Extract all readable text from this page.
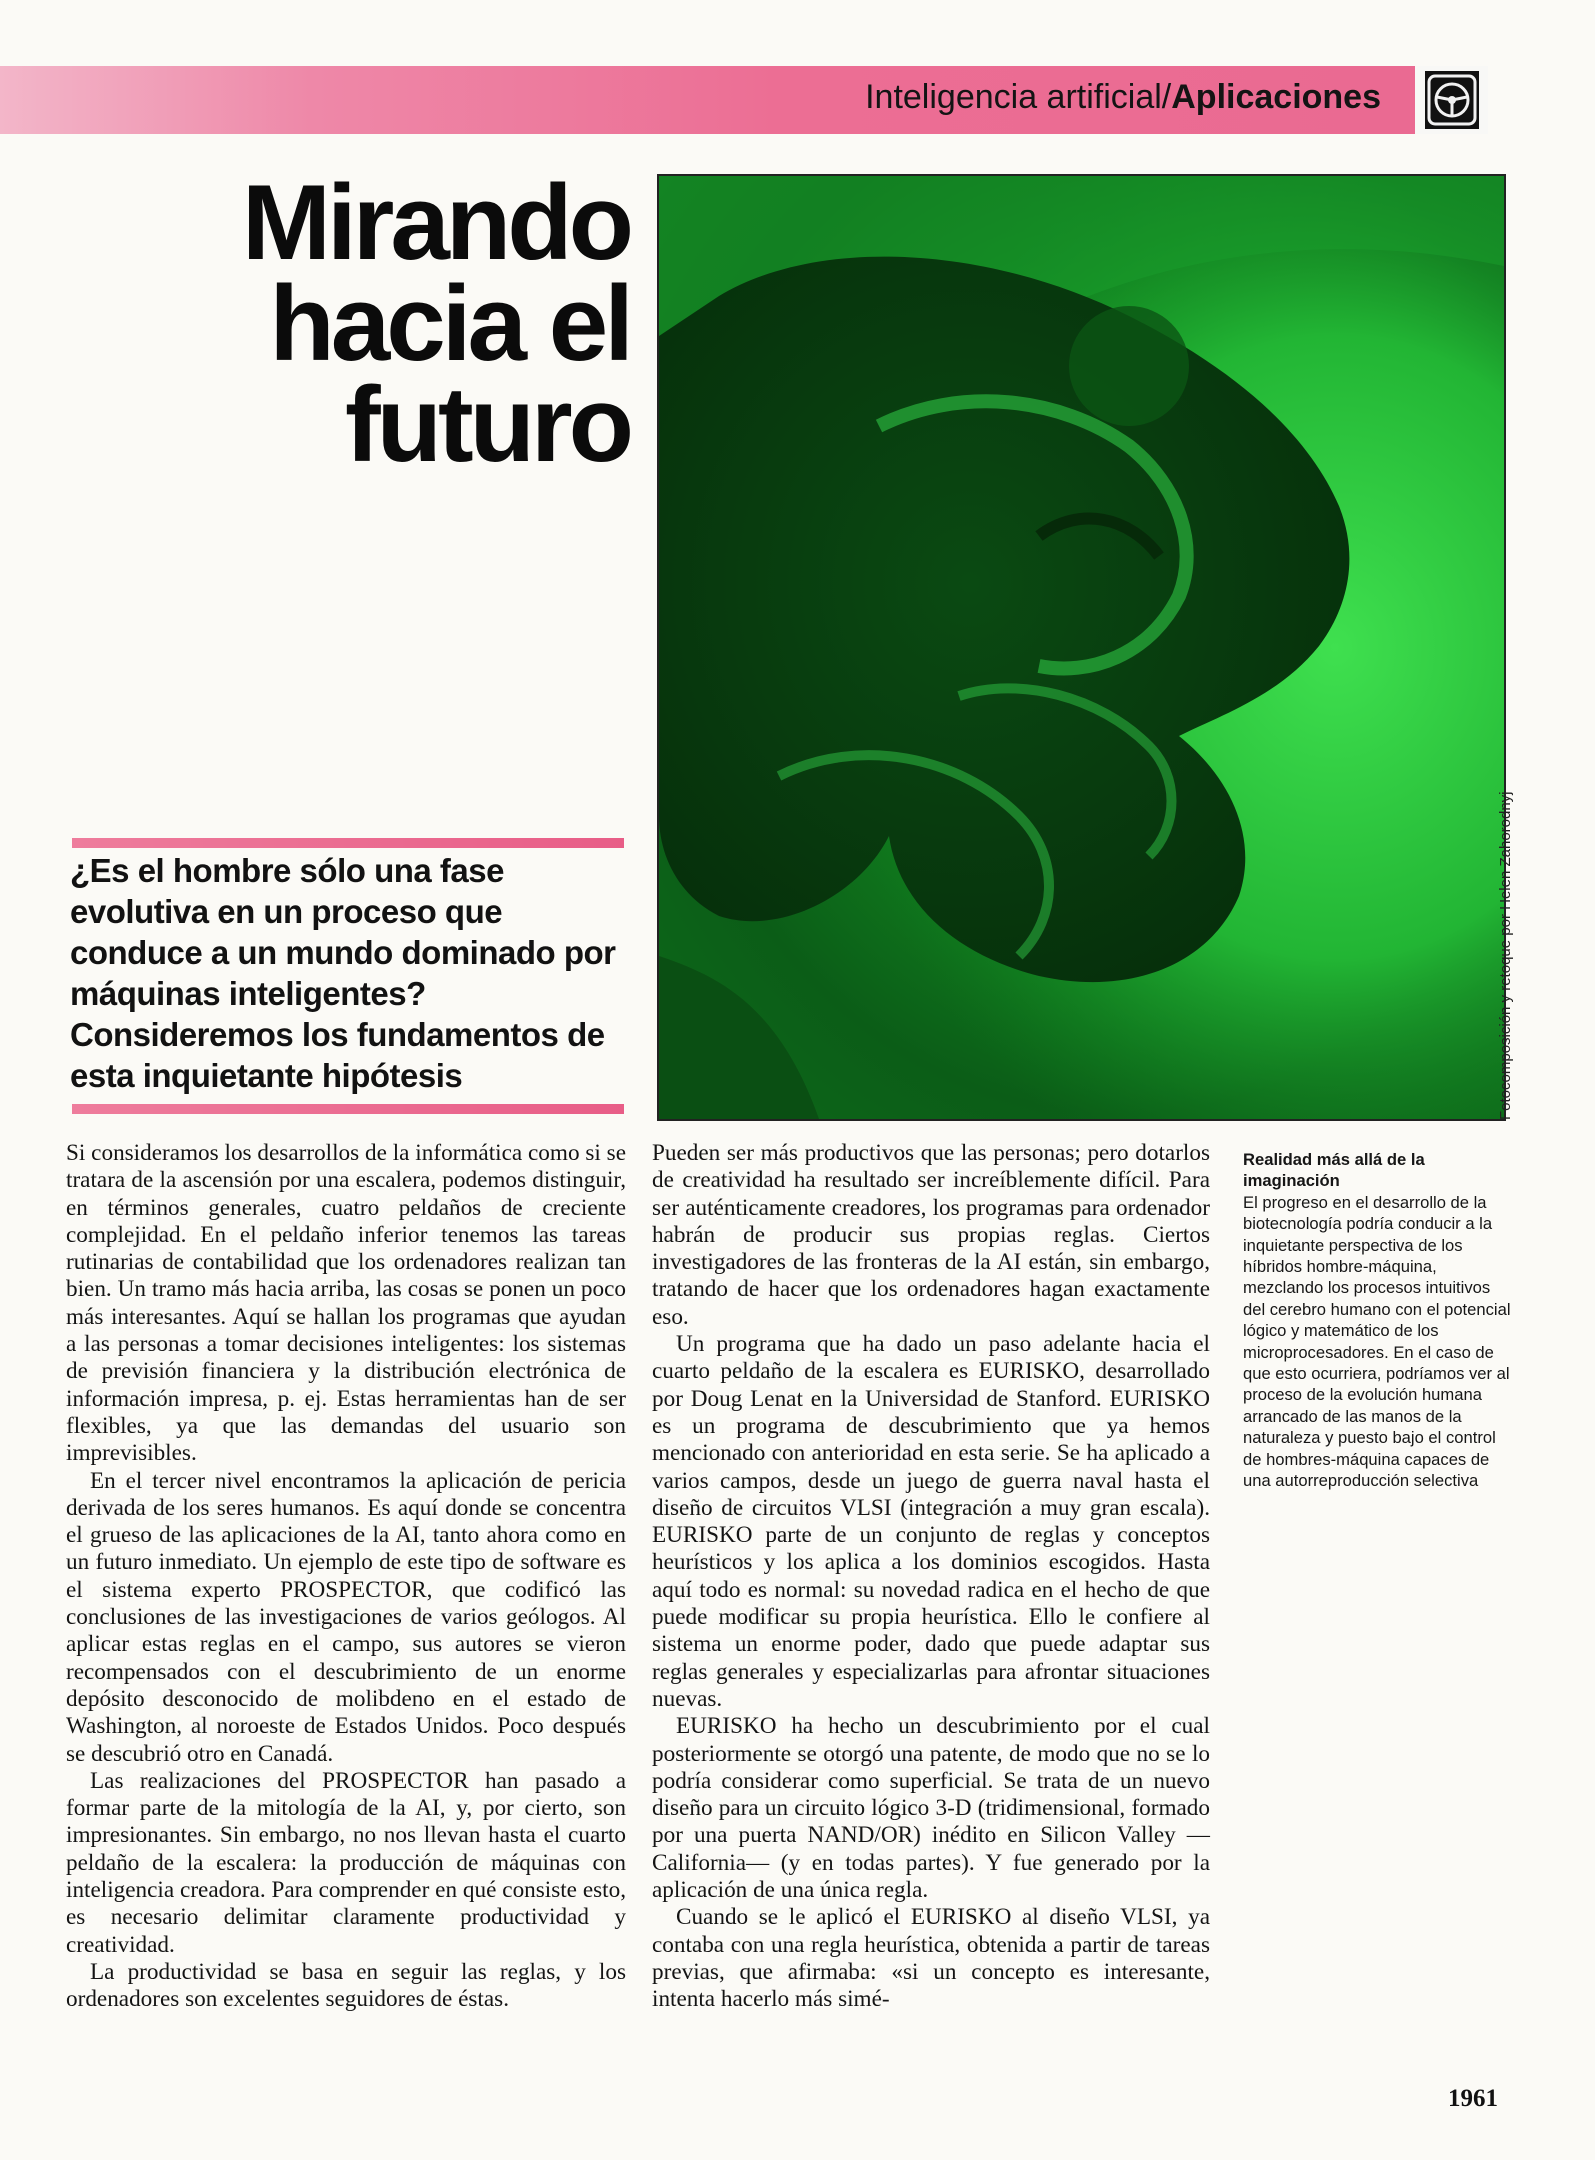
Inteligencia artificial/Aplicaciones
Mirando
hacia el
futuro
¿Es el hombre sólo una fase evolutiva en un proceso que conduce a un mundo dominado por máquinas inteligentes? Consideremos los fundamentos de esta inquietante hipótesis	Fotocomposición y retoque por Helen Zahorodnyj

Si consideramos los desarrollos de la informática como si se tratara de la ascensión por una escalera, podemos distinguir, en términos generales, cuatro peldaños de creciente complejidad. En el peldaño inferior tenemos las tareas rutinarias de contabilidad que los ordenadores realizan tan bien. Un tramo más hacia arriba, las cosas se ponen un poco más interesantes. Aquí se hallan los programas que ayudan a las personas a tomar decisiones inteligentes: los sistemas de previsión financiera y la distribución electrónica de información impresa, p. ej. Estas herramientas han de ser flexibles, ya que las demandas del usuario son imprevisibles.

En el tercer nivel encontramos la aplicación de pericia derivada de los seres humanos. Es aquí donde se concentra el grueso de las aplicaciones de la AI, tanto ahora como en un futuro inmediato. Un ejemplo de este tipo de software es el sistema experto PROSPECTOR, que codificó las conclusiones de las investigaciones de varios geólogos. Al aplicar estas reglas en el campo, sus autores se vieron recompensados con el descubrimiento de un enorme depósito desconocido de molibdeno en el estado de Washington, al noroeste de Estados Unidos. Poco después se descubrió otro en Canadá.

Las realizaciones del PROSPECTOR han pasado a formar parte de la mitología de la AI, y, por cierto, son impresionantes. Sin embargo, no nos llevan hasta el cuarto peldaño de la escalera: la producción de máquinas con inteligencia creadora. Para comprender en qué consiste esto, es necesario delimitar claramente productividad y creatividad.

La productividad se basa en seguir las reglas, y los ordenadores son excelentes seguidores de éstas.

Pueden ser más productivos que las personas; pero dotarlos de creatividad ha resultado ser increíblemente difícil. Para ser auténticamente creadores, los programas para ordenador habrán de producir sus propias reglas. Ciertos investigadores de las fronteras de la AI están, sin embargo, tratando de hacer que los ordenadores hagan exactamente eso.

Un programa que ha dado un paso adelante hacia el cuarto peldaño de la escalera es EURISKO, desarrollado por Doug Lenat en la Universidad de Stanford. EURISKO es un programa de descubrimiento que ya hemos mencionado con anterioridad en esta serie. Se ha aplicado a varios campos, desde un juego de guerra naval hasta el diseño de circuitos VLSI (integración a muy gran escala). EURISKO parte de un conjunto de reglas y conceptos heurísticos y los aplica a los dominios escogidos. Hasta aquí todo es normal: su novedad radica en el hecho de que puede modificar su propia heurística. Ello le confiere al sistema un enorme poder, dado que puede adaptar sus reglas generales y especializarlas para afrontar situaciones nuevas.

EURISKO ha hecho un descubrimiento por el cual posteriormente se otorgó una patente, de modo que no se lo podría considerar como superficial. Se trata de un nuevo diseño para un circuito lógico 3-D (tridimensional, formado por una puerta NAND/OR) inédito en Silicon Valley —California— (y en todas partes). Y fue generado por la aplicación de una única regla.

Cuando se le aplicó el EURISKO al diseño VLSI, ya contaba con una regla heurística, obtenida a partir de tareas previas, que afirmaba: «si un concepto es interesante, intenta hacerlo más simé-

Realidad más allá de la imaginación
El progreso en el desarrollo de la biotecnología podría conducir a la inquietante perspectiva de los híbridos hombre-máquina, mezclando los procesos intuitivos del cerebro humano con el potencial lógico y matemático de los microprocesadores. En el caso de que esto ocurriera, podríamos ver al proceso de la evolución humana arrancado de las manos de la naturaleza y puesto bajo el control de hombres-máquina capaces de una autorreproducción selectiva
1961
